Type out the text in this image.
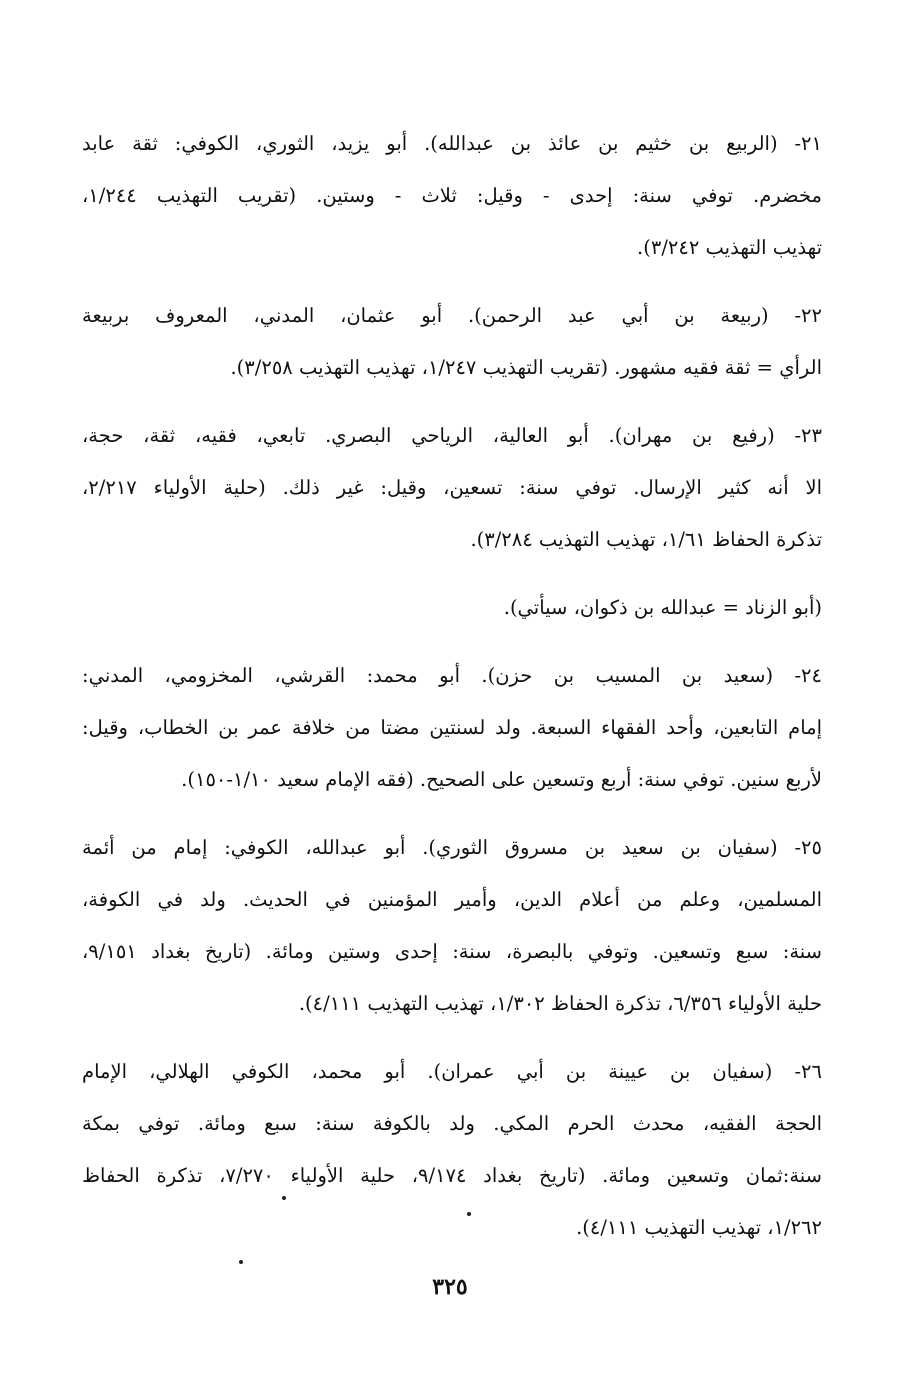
٢١- (الربيع بن خثيم بن عائذ بن عبدالله). أبو يزيد، الثوري، الكوفي: ثقة عابد
مخضرم. توفي سنة: إحدى - وقيل: ثلاث - وستين. (تقريب التهذيب ١/٢٤٤،
تهذيب التهذيب ٣/٢٤٢).
٢٢- (ربيعة بن أبي عبد الرحمن). أبو عثمان، المدني، المعروف بربيعة
الرأي = ثقة فقيه مشهور. (تقريب التهذيب ١/٢٤٧، تهذيب التهذيب ٣/٢٥٨).
٢٣- (رفيع بن مهران). أبو العالية، الرياحي البصري. تابعي، فقيه، ثقة، حجة،
الا أنه كثير الإرسال. توفي سنة: تسعين، وقيل: غير ذلك. (حلية الأولياء ٢/٢١٧،
تذكرة الحفاظ ١/٦١، تهذيب التهذيب ٣/٢٨٤).
(أبو الزناد = عبدالله بن ذكوان، سيأتي).
٢٤- (سعيد بن المسيب بن حزن). أبو محمد: القرشي، المخزومي، المدني:
إمام التابعين، وأحد الفقهاء السبعة. ولد لسنتين مضتا من خلافة عمر بن الخطاب، وقيل:
لأربع سنين. توفي سنة: أربع وتسعين على الصحيح. (فقه الإمام سعيد ١/١٠-١٥٠).
٢٥- (سفيان بن سعيد بن مسروق الثوري). أبو عبدالله، الكوفي: إمام من أئمة
المسلمين، وعلم من أعلام الدين، وأمير المؤمنين في الحديث. ولد في الكوفة،
سنة: سبع وتسعين. وتوفي بالبصرة، سنة: إحدى وستين ومائة. (تاريخ بغداد ٩/١٥١،
حلية الأولياء ٦/٣٥٦، تذكرة الحفاظ ١/٣٠٢، تهذيب التهذيب ٤/١١١).
٢٦- (سفيان بن عيينة بن أبي عمران). أبو محمد، الكوفي الهلالي، الإمام
الحجة الفقيه، محدث الحرم المكي. ولد بالكوفة سنة: سبع ومائة. توفي بمكة
سنة:ثمان وتسعين ومائة. (تاريخ بغداد ٩/١٧٤، حلية الأولياء ٧/٢٧٠، تذكرة الحفاظ
١/٢٦٢، تهذيب التهذيب ٤/١١١).
٣٢٥
